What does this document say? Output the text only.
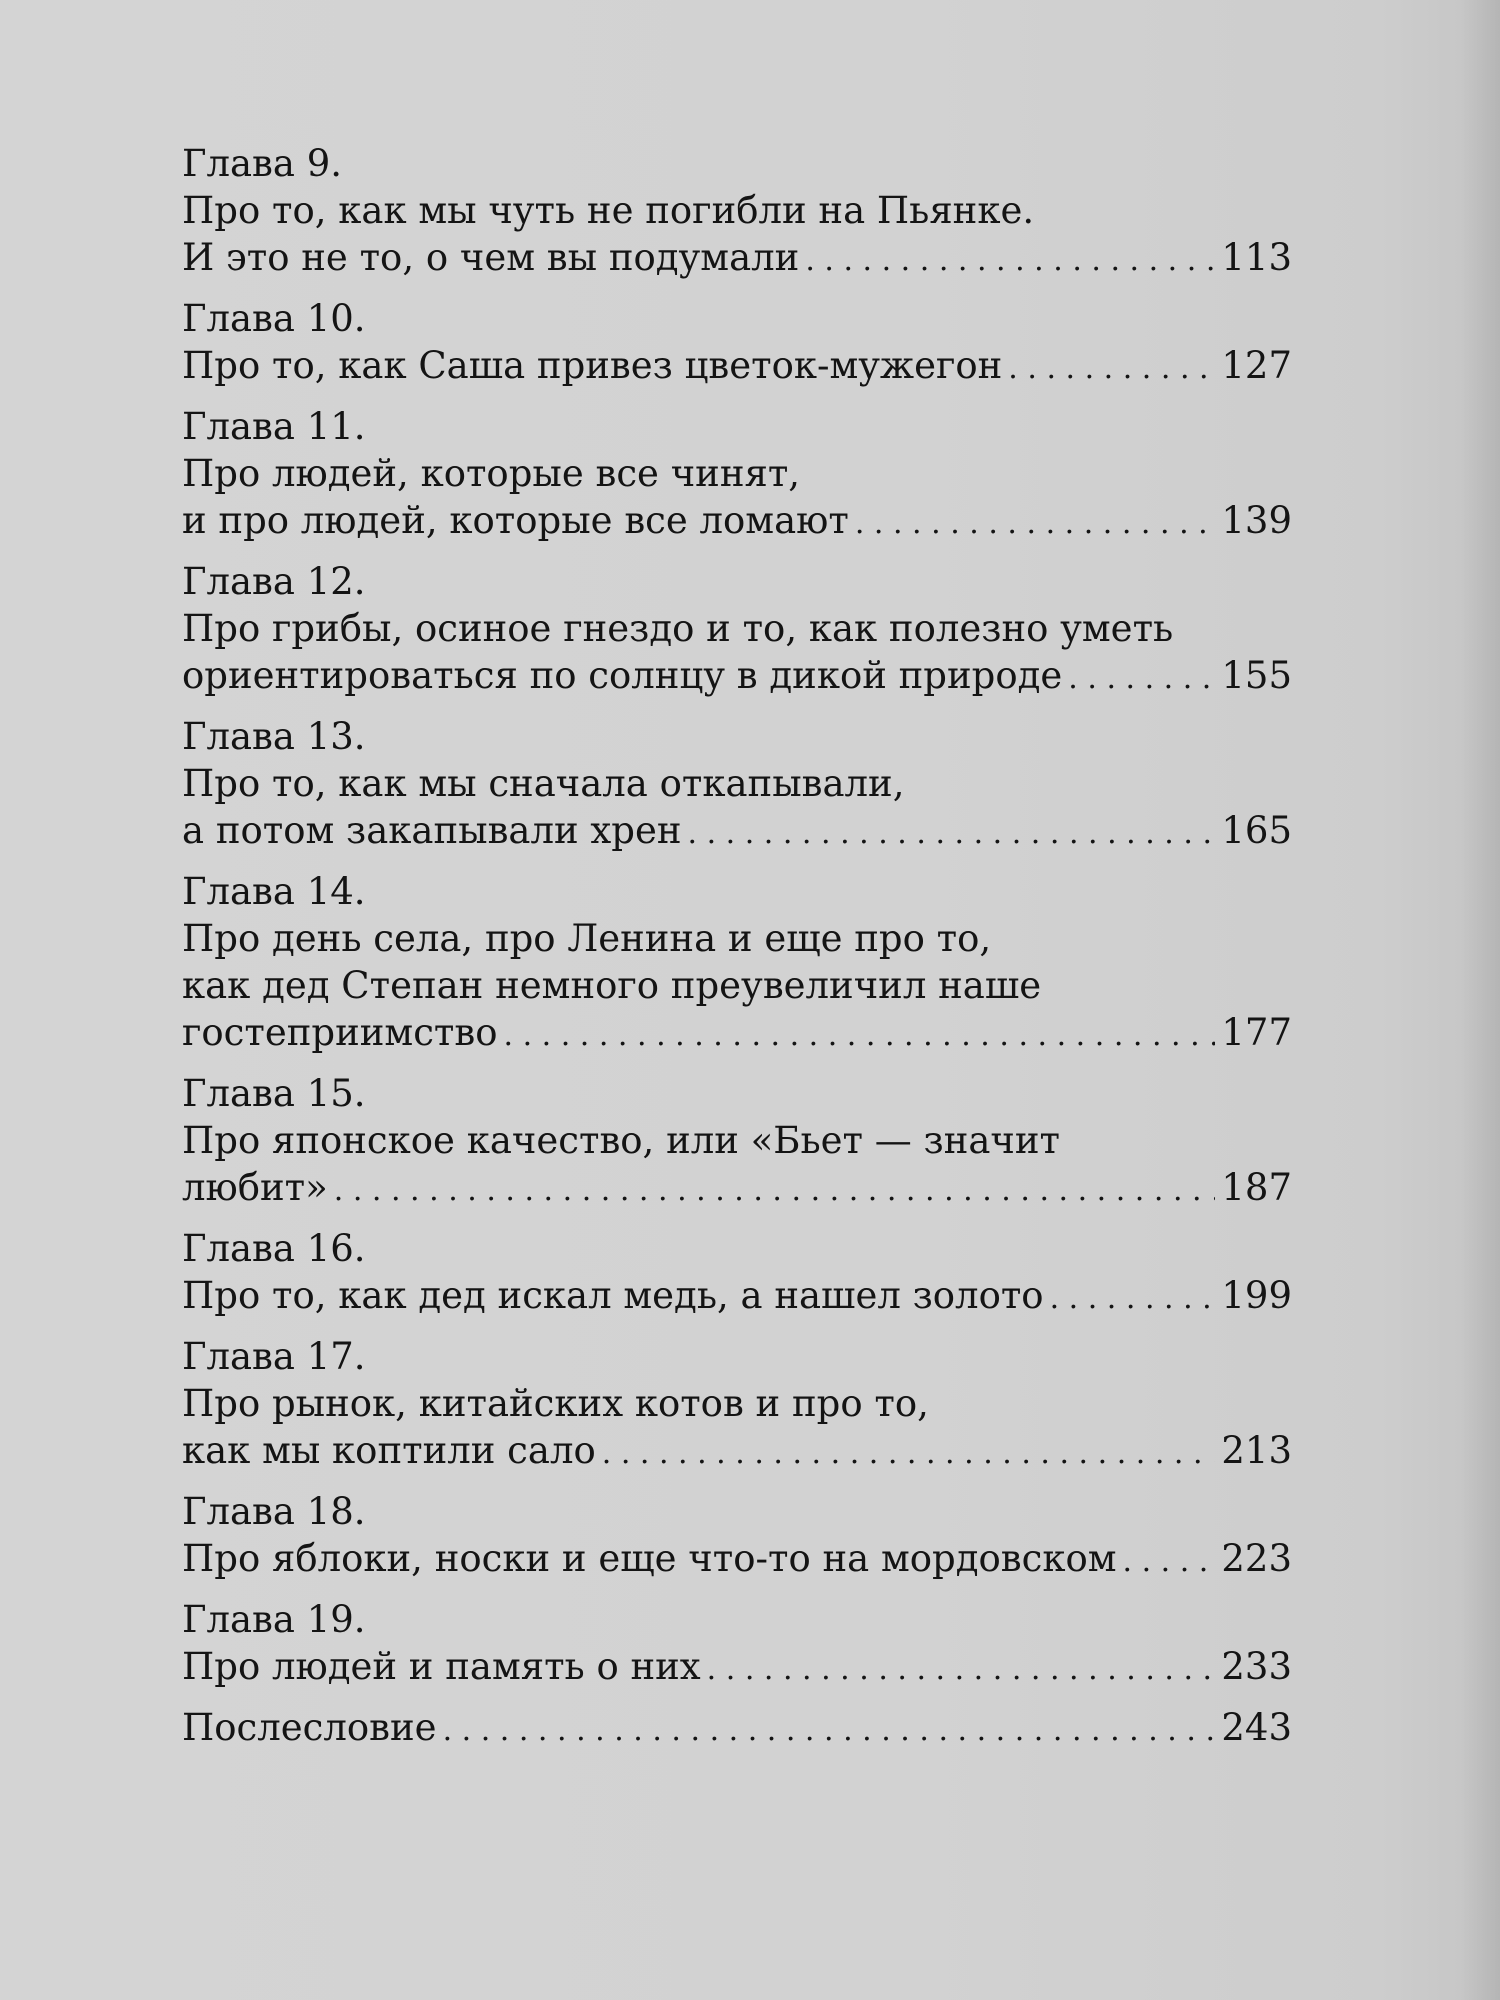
Глава 9.
Про то, как мы чуть не погибли на Пьянке.
И это не то, о чем вы подумали . . .	113
Глава 10.
Про то, как Саша привез цветок-мужегон . . .	127
Глава 11.
Про людей, которые все чинят,
и про людей, которые все ломают . . .	139
Глава 12.
Про грибы, осиное гнездо и то, как полезно уметь
ориентироваться по солнцу в дикой природе . . .	155
Глава 13.
Про то, как мы сначала откапывали,
а потом закапывали хрен . . .	165
Глава 14.
Про день села, про Ленина и еще про то,
как дед Степан немного преувеличил наше
гостеприимство . . .	177
Глава 15.
Про японское качество, или «Бьет — значит
любит» . . .	187
Глава 16.
Про то, как дед искал медь, а нашел золото . . .	199
Глава 17.
Про рынок, китайских котов и про то,
как мы коптили сало . . .	213
Глава 18.
Про яблоки, носки и еще что-то на мордовском . . .	223
Глава 19.
Про людей и память о них . . .	233
Послесловие . . .	243
